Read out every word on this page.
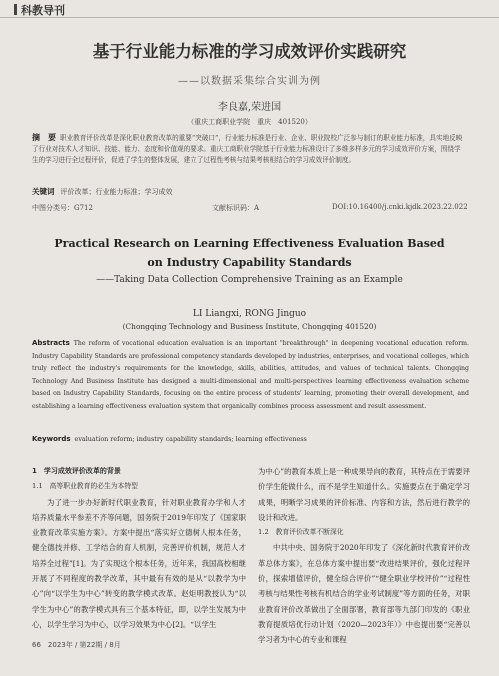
科教导刊
基于行业能力标准的学习成效评价实践研究
——以数据采集综合实训为例
李良嘉,荣进国
（重庆工商职业学院　重庆　401520）

摘　要 职业教育评价改革是深化职业教育改革的重要“突破口”，行业能力标准是行业、企业、职业院校广泛参与制订的职业能力标准，具实地反映了行业对技术人才知识、技能、能力、态度和价值观的要求。重庆工商职业学院基于行业能力标准设计了多维多样多元的学习成效评价方案，围绕学生的学习进行全过程评价，促进了学生的整体发展，建立了过程性考核与结果考核相结合的学习成效评价制度。

关键词 评价改革；行业能力标准；学习成效
中图分类号：G712	文献标识码：A	DOI:10.16400/j.cnki.kjdk.2023.22.022
Practical Research on Learning Effectiveness Evaluation Based
on Industry Capability Standards
——Taking Data Collection Comprehensive Training as an Example
LI Liangxi, RONG Jinguo
(Chongqing Technology and Business Institute, Chongqing 401520)

Abstracts The reform of vocational education evaluation is an important "breakthrough" in deepening vocational education reform. Industry Capability Standards are professional competency standards developed by industries, enterprises, and vocational colleges, which truly reflect the industry's requirements for the knowledge, skills, abilities, attitudes, and values of technical talents. Chongqing Technology And Business Institute has designed a multi-dimensional and multi-perspectives learning effectiveness evaluation scheme based on Industry Capability Standards, focusing on the entire process of students' learning, promoting their overall development, and establishing a learning effectiveness evaluation system that organically combines process assessment and result assessment.

Keywords evaluation reform; industry capability standards; learning effectiveness
1　学习成效评价改革的背景
1.1　高等职业教育的必生为本特型

为了进一步办好新时代职业教育，针对职业教育办学和人才培养质量水平参差不齐等问题，国务院于2019年印发了《国家职业教育改革实施方案》。方案中提出“落实好立德树人根本任务，健全德技并修、工学结合的育人机制，完善评价机制，规范人才培养全过程”[1]。为了实现这个根本任务，近年来，我国高校相继开展了不同程度的教学改革，其中最有有效的是从“以教学为中心”向“以学生为中心”转变的教学模式改革。赵炬明教授认为“以学生为中心”的教学模式具有三个基本特征，即，以学生发展为中心，以学生学习为中心，以学习效果为中心[2]。“以学生

为中心”的教育本质上是一种成果导向的教育，其特点在于需要评价学生能做什么，而不是学生知道什么。实施要点在于确定学习成果，明晰学习成果的评价标准、内容和方法，然后进行教学的设计和改进。

1.2　教育评价改革不断深化

中共中央、国务院于2020年印发了《深化新时代教育评价改革总体方案》，在总体方案中提出要“改进结果评价，强化过程评价，探索增值评价，健全综合评价”“健全职业学校评价”“过程性考核与结果性考核有机结合的学业考试制度”等方面的任务，对职业教育评价改革做出了全面部署，教育部等九部门印发的《职业教育提质培优行动计划（2020—2023年）》中也提出要“完善以学习者为中心的专业和课程

66　2023年 / 第22期 / 8月
